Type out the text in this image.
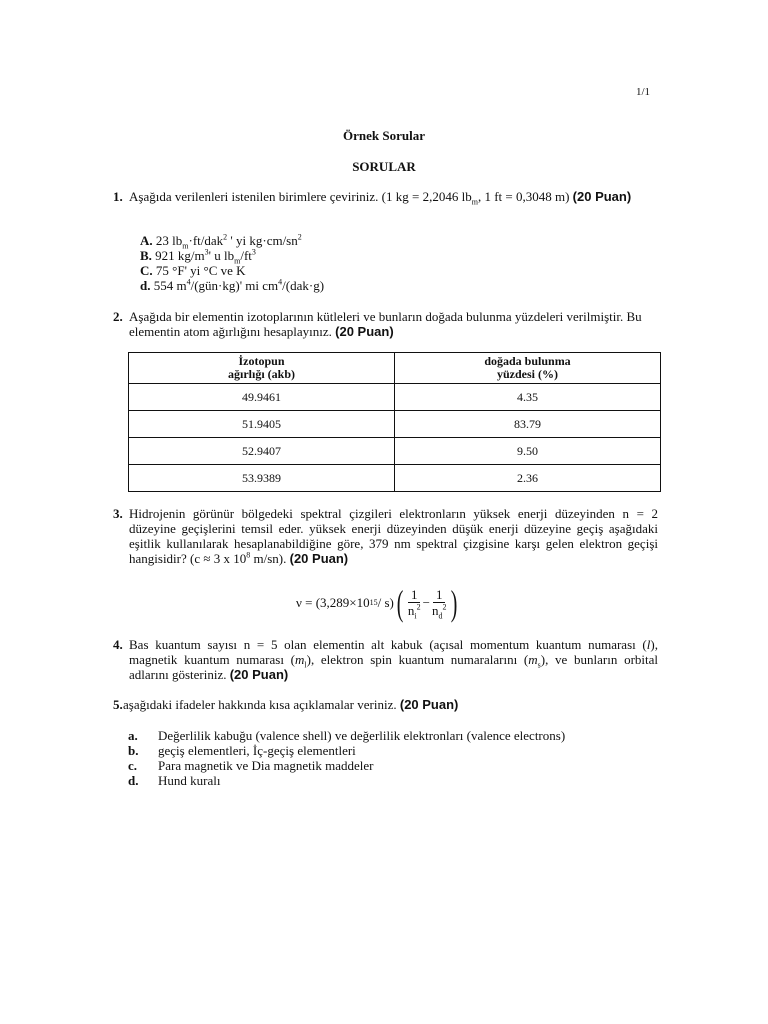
1/1
Örnek Sorular
SORULAR
1. Aşağıda verilenleri istenilen birimlere çeviriniz. (1 kg = 2,2046 $lb_m$, 1 ft = 0,3048 m) (20 Puan)
A. 23 $lb_m\cdot ft/dak^2$ ' yi $kg\cdot cm/sn^2$
B. 921 $kg/m^3'$ u $lb_m/ft^3$
C. 75 °F' yi °C ve K
d. 554 $m^4/(gün\cdot kg)'$ mi $cm^4/(dak\cdot g)$
2. Aşağıda bir elementin izotoplarının kütleleri ve bunların doğada bulunma yüzdeleri verilmiştir. Bu elementin atom ağırlığını hesaplayınız. (20 Puan)
İzotopun
ağırlığı (akb)	doğada bulunma
yüzdesi (%)
49.9461	4.35
51.9405	83.79
52.9407	9.50
53.9389	2.36
3. Hidrojenin görünür bölgedeki spektral çizgileri elektronların yüksek enerji düzeyinden n = 2 düzeyine geçişlerini temsil eder. yüksek enerji düzeyinden düşük enerji düzeyine geçiş aşağıdaki eşitlik kullanılarak hesaplanabildiğine göre, 379 nm spektral çizgisine karşı gelen elektron geçişi hangisidir? (c ≈ 3 x $10^8$ m/sn). (20 Puan)
ν = (3,289×10 15 / s) ( $\frac{1}{n_i^2} - \frac{1}{n_d^2}$ )
4. Bas kuantum sayısı n = 5 olan elementin alt kabuk (açısal momentum kuantum numarası (l), magnetik kuantum numarası $(m_l)$, elektron spin kuantum numaralarını $(m_s)$, ve bunların orbital adlarını gösteriniz. (20 Puan)
5. aşağıdaki ifadeler hakkında kısa açıklamalar veriniz. (20 Puan)
a. Değerlilik kabuğu (valence shell) ve değerlilik elektronları (valence electrons)
b. geçiş elementleri, İç-geçiş elementleri
c. Para magnetik ve Dia magnetik maddeler
d. Hund kuralı
